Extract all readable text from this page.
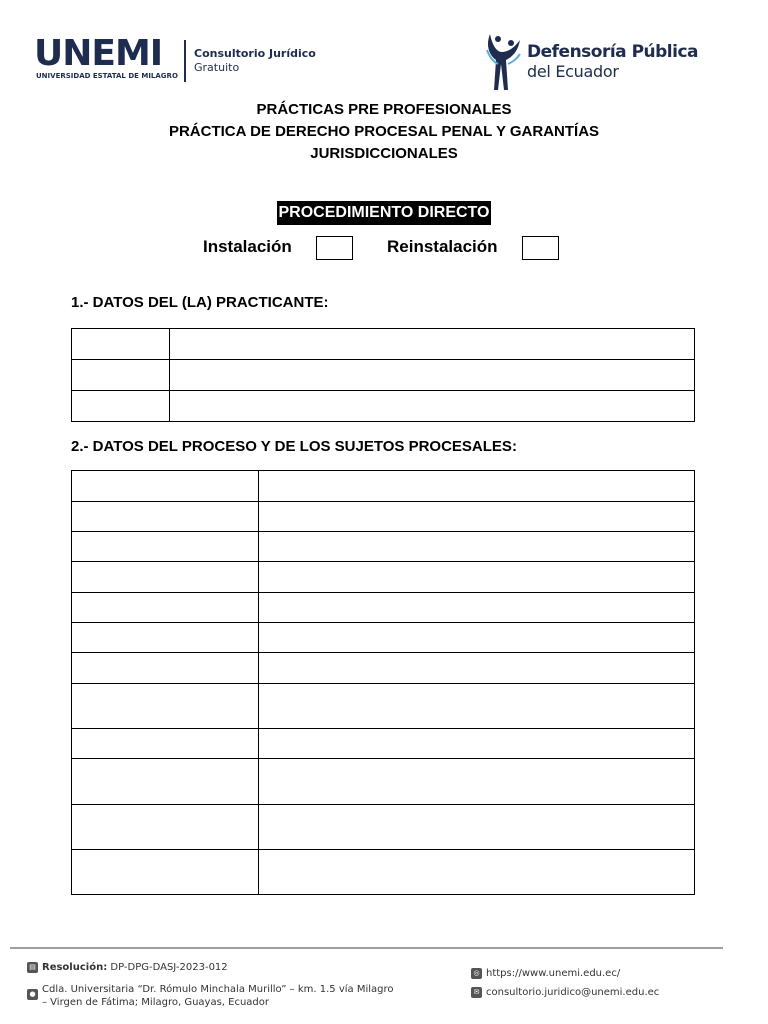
UNEMI
UNIVERSIDAD ESTATAL DE MILAGRO
Consultorio Jurídico
Gratuito
Defensoría Pública
del Ecuador
PRÁCTICAS PRE PROFESIONALES
PRÁCTICA DE DERECHO PROCESAL PENAL Y GARANTÍAS
JURISDICCIONALES
PROCEDIMIENTO DIRECTO
Instalación	Reinstalación
1.- DATOS DEL (LA) PRACTICANTE:

2.- DATOS DEL PROCESO Y DE LOS SUJETOS PROCESALES:

▤ Resolución: DP-DPG-DASJ-2023-012
● Cdla. Universitaria “Dr. Rómulo Minchala Murillo” – km. 1.5 vía Milagro
– Virgen de Fátima; Milagro, Guayas, Ecuador
◎ https://www.unemi.edu.ec/
✉ consultorio.juridico@unemi.edu.ec
